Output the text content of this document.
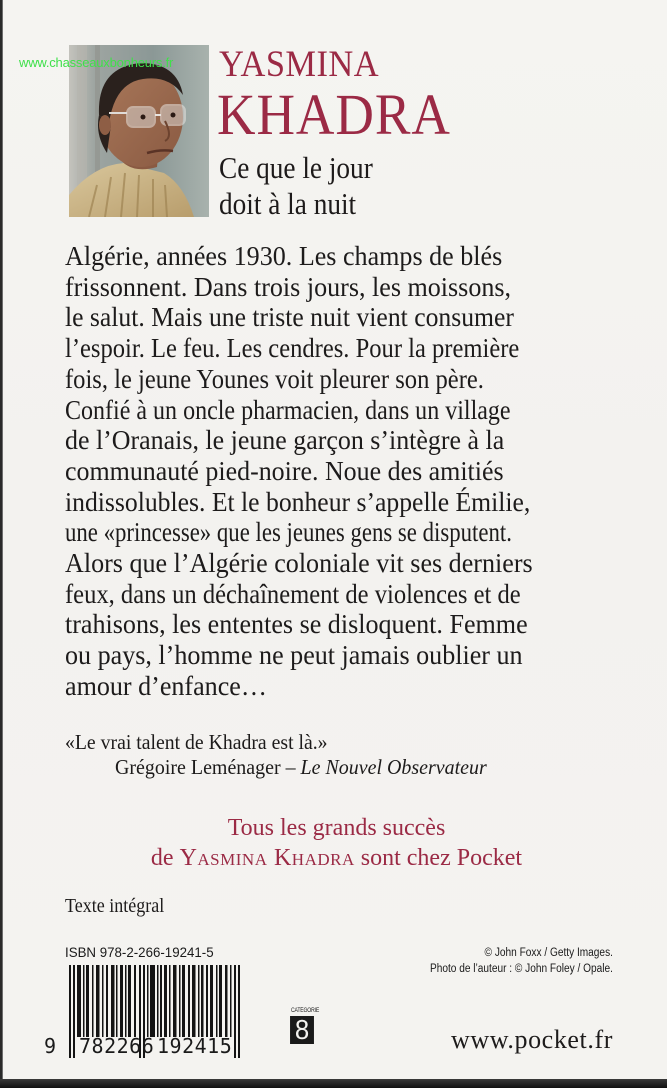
www.chasseauxbonheurs.fr YASMINA
KHADRA
Ce que le jour
doit à la nuit
Algérie, années 1930. Les champs de blés
frissonnent. Dans trois jours, les moissons,
le salut. Mais une triste nuit vient consumer
l’espoir. Le feu. Les cendres. Pour la première
fois, le jeune Younes voit pleurer son père.
Confié à un oncle pharmacien, dans un village
de l’Oranais, le jeune garçon s’intègre à la
communauté pied-noire. Noue des amitiés
indissolubles. Et le bonheur s’appelle Émilie,
une «princesse» que les jeunes gens se disputent.
Alors que l’Algérie coloniale vit ses derniers
feux, dans un déchaînement de violences et de
trahisons, les ententes se disloquent. Femme
ou pays, l’homme ne peut jamais oublier un
amour d’enfance…
«Le vrai talent de Khadra est là.»
Grégoire Leménager – Le Nouvel Observateur
Tous les grands succès
de Yasmina Khadra sont chez Pocket
Texte intégral
ISBN 978-2-266-19241-5
9 782266 192415
CATÉGORIE
8
© John Foxx / Getty Images.
Photo de l’auteur : © John Foley / Opale.
www.pocket.fr
